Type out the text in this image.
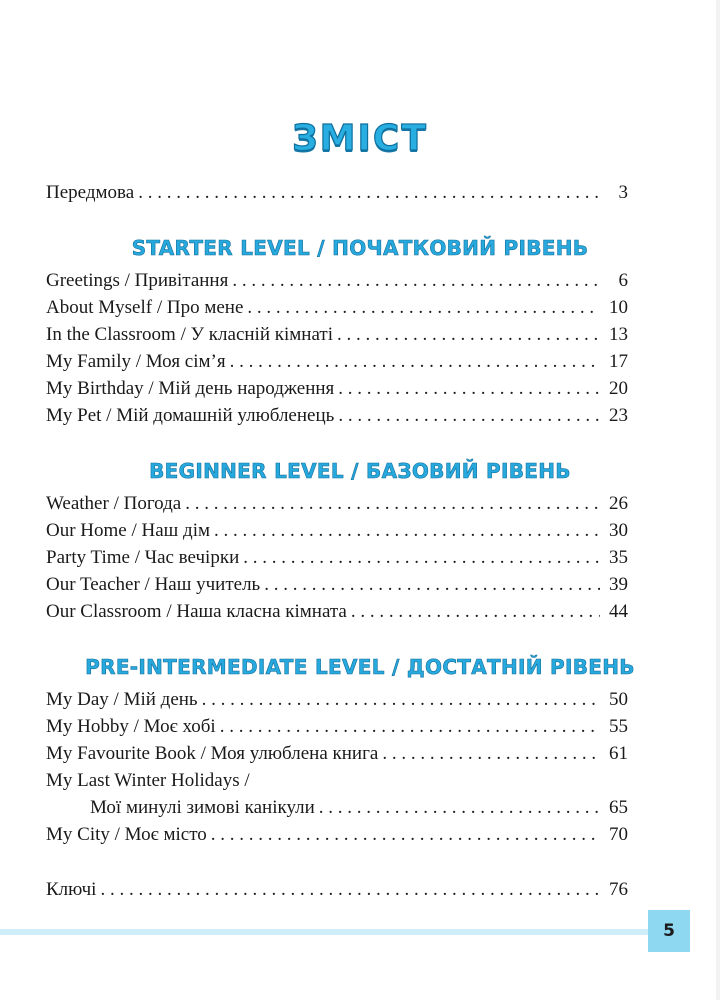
ЗМІСТ
Передмова . . .	3
STARTER LEVEL / ПОЧАТКОВИЙ РІВЕНЬ
Greetings / Привітання . . .	6
About Myself / Про мене . . .	10
In the Classroom / У класній кімнаті . . .	13
My Family / Моя сім’я . . .	17
My Birthday / Мій день народження . . .	20
My Pet / Мій домашній улюбленець . . .	23
BEGINNER LEVEL / БАЗОВИЙ РІВЕНЬ
Weather / Погода . . .	26
Our Home / Наш дім . . .	30
Party Time / Час вечірки . . .	35
Our Teacher / Наш учитель . . .	39
Our Classroom / Наша класна кімната . . .	44
PRE-INTERMEDIATE LEVEL / ДОСТАТНІЙ РІВЕНЬ
My Day / Мій день . . .	50
My Hobby / Моє хобі . . .	55
My Favourite Book / Моя улюблена книга . . .	61
My Last Winter Holidays /
Мої минулі зимові канікули . . .	65
My City / Моє місто . . .	70
Ключі . . .	76
5
